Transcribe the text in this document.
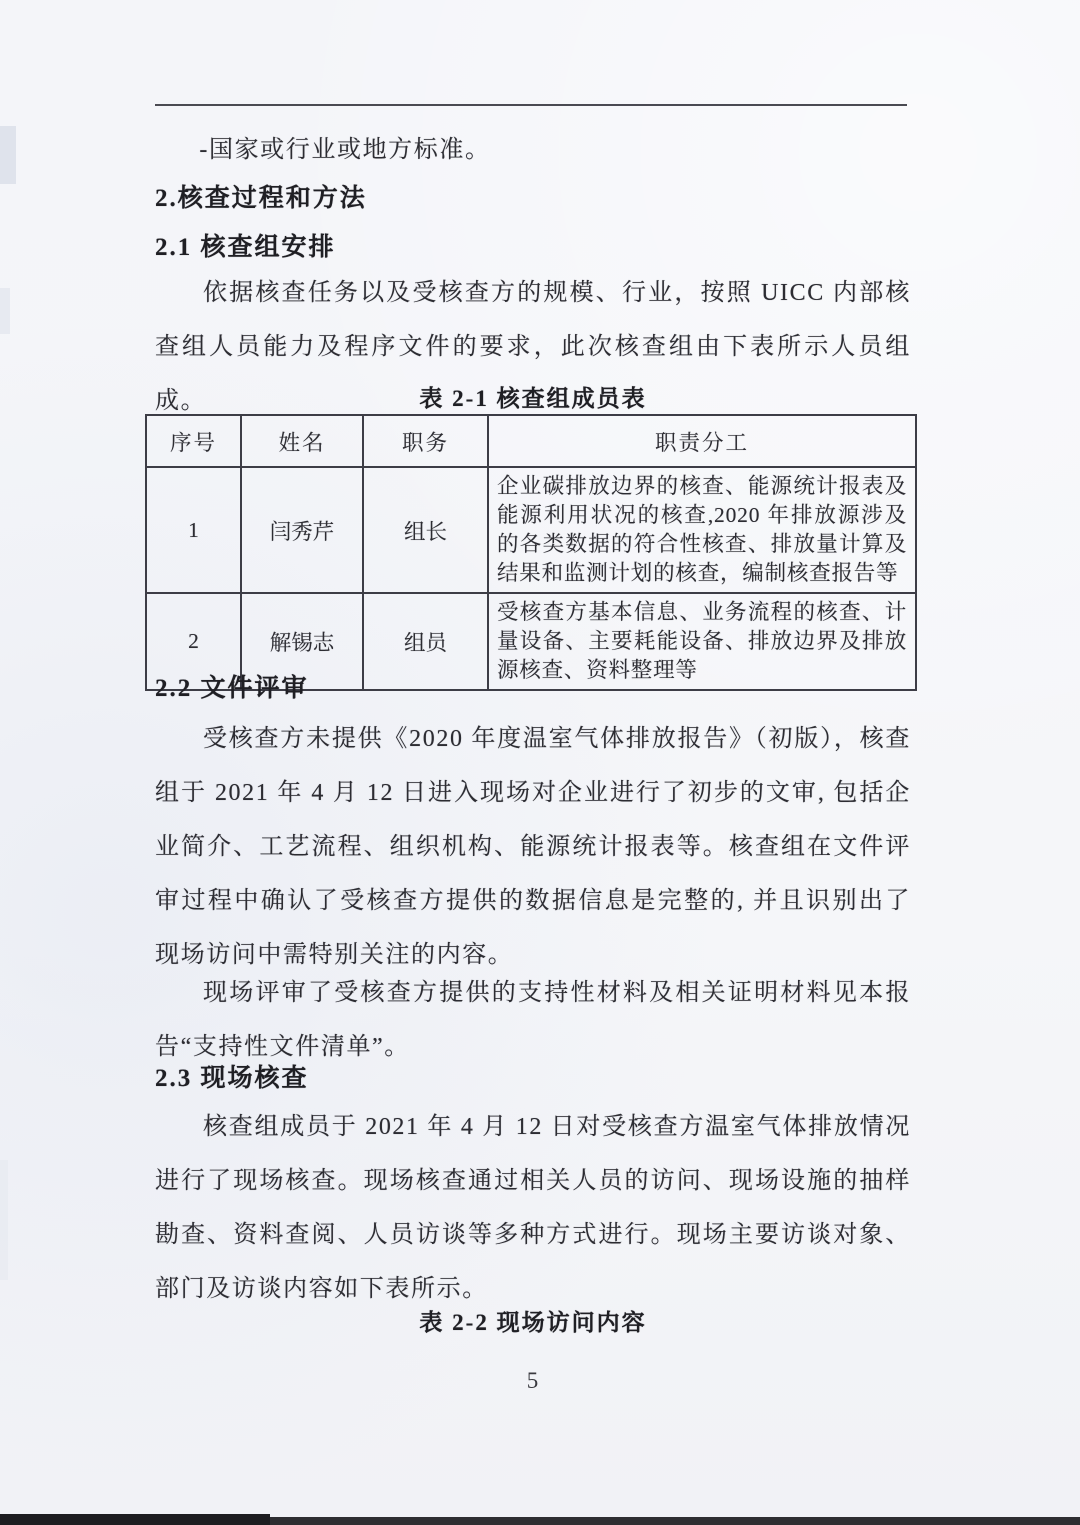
-国家或行业或地方标准。
2.核查过程和方法
2.1 核查组安排
依据核查任务以及受核查方的规模、行业，按照 UICC 内部核查组人员能力及程序文件的要求，此次核查组由下表所示人员组成。	表 2-1 核查组成员表
序号	姓名	职务	职责分工
1	闫秀芹	组长	企业碳排放边界的核查、能源统计报表及能源利用状况的核查,2020 年排放源涉及的各类数据的符合性核查、排放量计算及结果和监测计划的核查，编制核查报告等
2	解锡志	组员	受核查方基本信息、业务流程的核查、计量设备、主要耗能设备、排放边界及排放源核查、资料整理等
2.2 文件评审
受核查方未提供《2020 年度温室气体排放报告》（初版），核查组于 2021 年 4 月 12 日进入现场对企业进行了初步的文审, 包括企业简介、工艺流程、组织机构、能源统计报表等。核查组在文件评审过程中确认了受核查方提供的数据信息是完整的, 并且识别出了现场访问中需特别关注的内容。
现场评审了受核查方提供的支持性材料及相关证明材料见本报告“支持性文件清单”。
2.3 现场核查
核查组成员于 2021 年 4 月 12 日对受核查方温室气体排放情况进行了现场核查。现场核查通过相关人员的访问、现场设施的抽样勘查、资料查阅、人员访谈等多种方式进行。现场主要访谈对象、部门及访谈内容如下表所示。
表 2-2 现场访问内容
5
